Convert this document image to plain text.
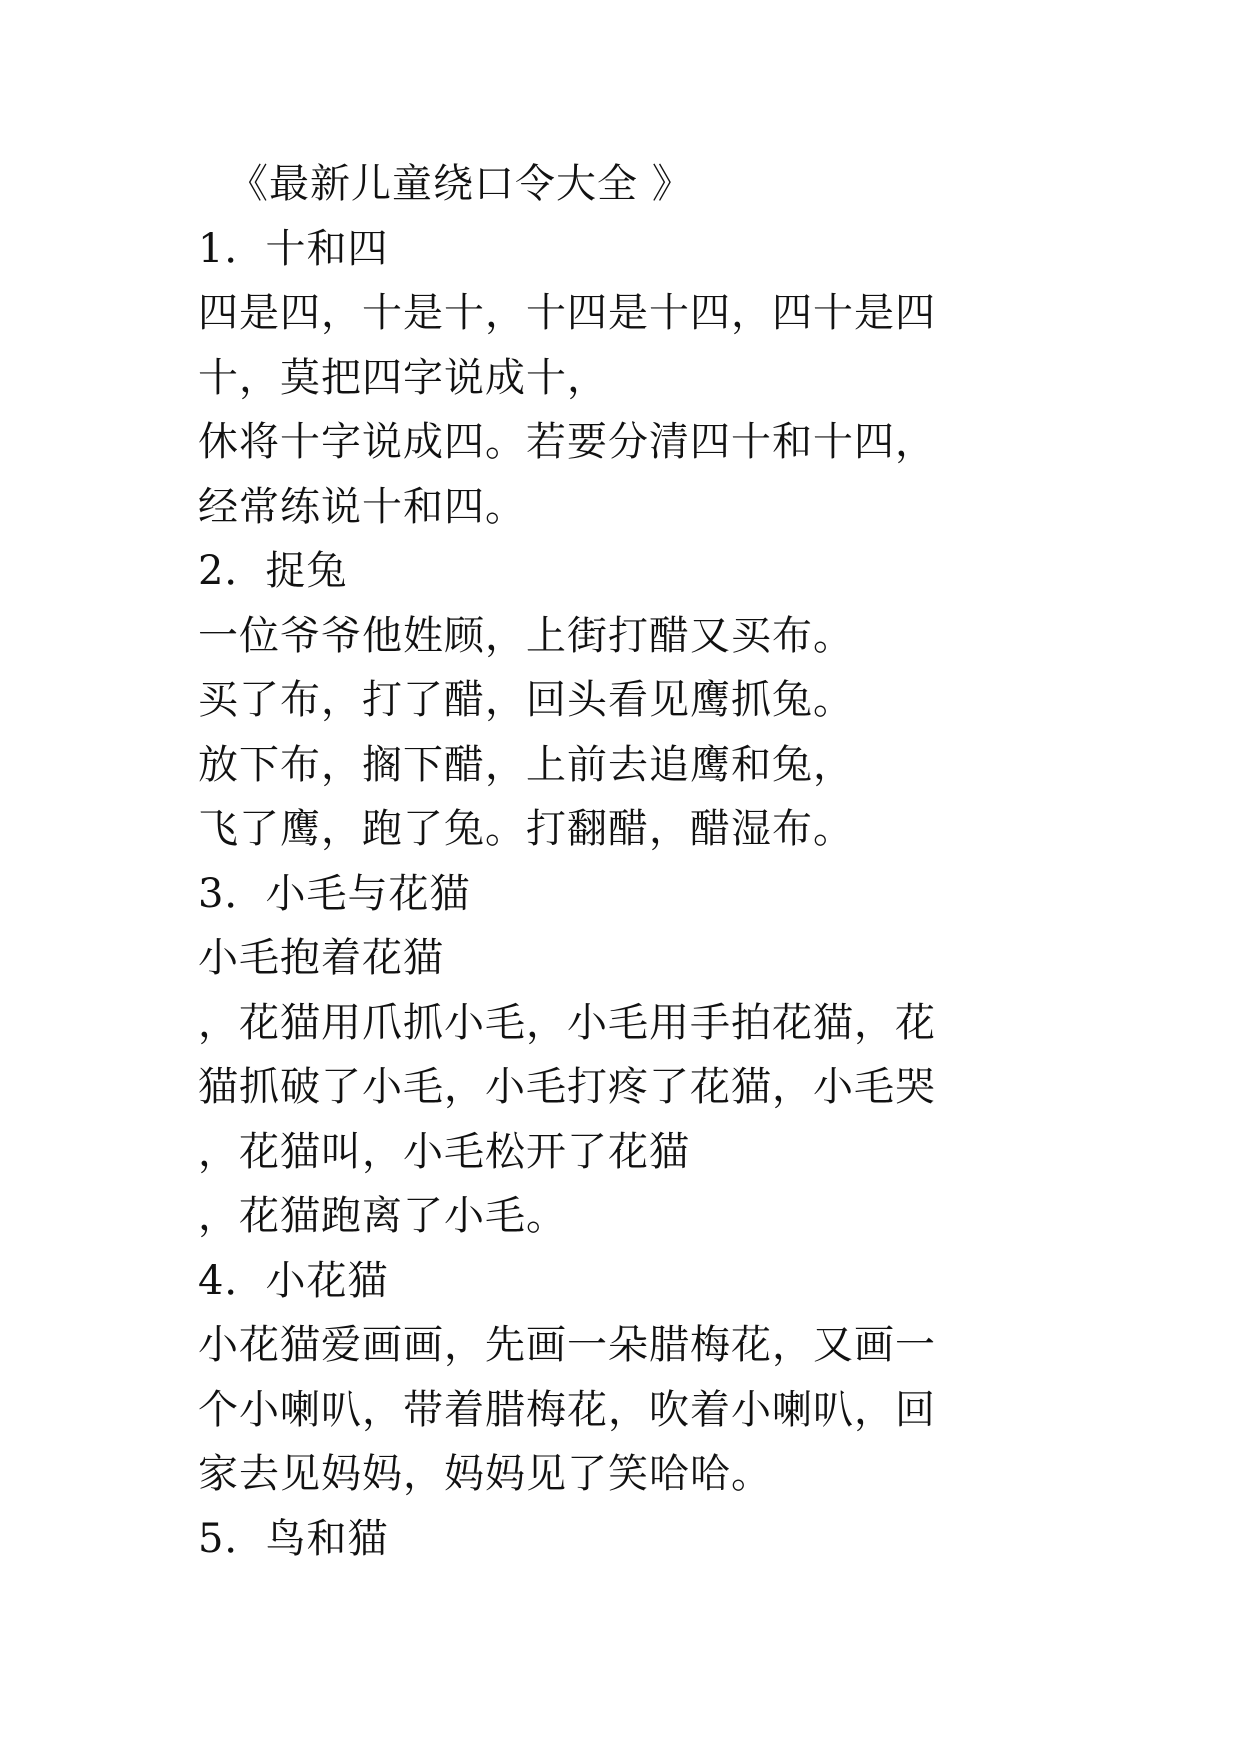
《最新儿童绕口令大全 》
1．十和四
四是四，十是十，十四是十四，四十是四
十，莫把四字说成十，
休将十字说成四。若要分清四十和十四，
经常练说十和四。
2．捉兔
一位爷爷他姓顾，上街打醋又买布。
买了布，打了醋，回头看见鹰抓兔。
放下布，搁下醋，上前去追鹰和兔，
飞了鹰，跑了兔。打翻醋，醋湿布。
3．小毛与花猫
小毛抱着花猫
，花猫用爪抓小毛，小毛用手拍花猫，花
猫抓破了小毛，小毛打疼了花猫，小毛哭
，花猫叫，小毛松开了花猫
，花猫跑离了小毛。
4．小花猫
小花猫爱画画，先画一朵腊梅花，又画一
个小喇叭，带着腊梅花，吹着小喇叭，回
家去见妈妈，妈妈见了笑哈哈。
5．鸟和猫
